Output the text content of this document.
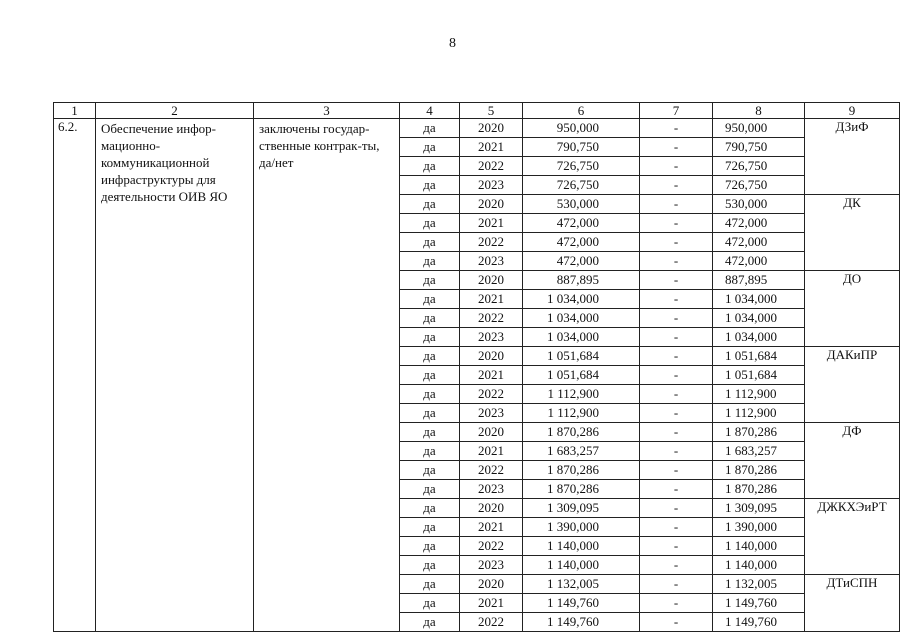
8
1	2	3	4	5	6	7	8	9
6.2.	Обеспечение инфор-мационно-коммуникационной инфраструктуры для деятельности ОИВ ЯО	заключены государ-ственные контрак-ты, да/нет	да	2020	950,000	-	950,000	ДЗиФ
			да	2021	790,750	-	790,750	
			да	2022	726,750	-	726,750	
			да	2023	726,750	-	726,750	
			да	2020	530,000	-	530,000	ДК
			да	2021	472,000	-	472,000	
			да	2022	472,000	-	472,000	
			да	2023	472,000	-	472,000	
			да	2020	887,895	-	887,895	ДО
			да	2021	1 034,000	-	1 034,000	
			да	2022	1 034,000	-	1 034,000	
			да	2023	1 034,000	-	1 034,000	
			да	2020	1 051,684	-	1 051,684	ДАКиПР
			да	2021	1 051,684	-	1 051,684	
			да	2022	1 112,900	-	1 112,900	
			да	2023	1 112,900	-	1 112,900	
			да	2020	1 870,286	-	1 870,286	ДФ
			да	2021	1 683,257	-	1 683,257	
			да	2022	1 870,286	-	1 870,286	
			да	2023	1 870,286	-	1 870,286	
			да	2020	1 309,095	-	1 309,095	ДЖКХЭиРТ
			да	2021	1 390,000	-	1 390,000	
			да	2022	1 140,000	-	1 140,000	
			да	2023	1 140,000	-	1 140,000	
			да	2020	1 132,005	-	1 132,005	ДТиСПН
			да	2021	1 149,760	-	1 149,760	
			да	2022	1 149,760	-	1 149,760	
